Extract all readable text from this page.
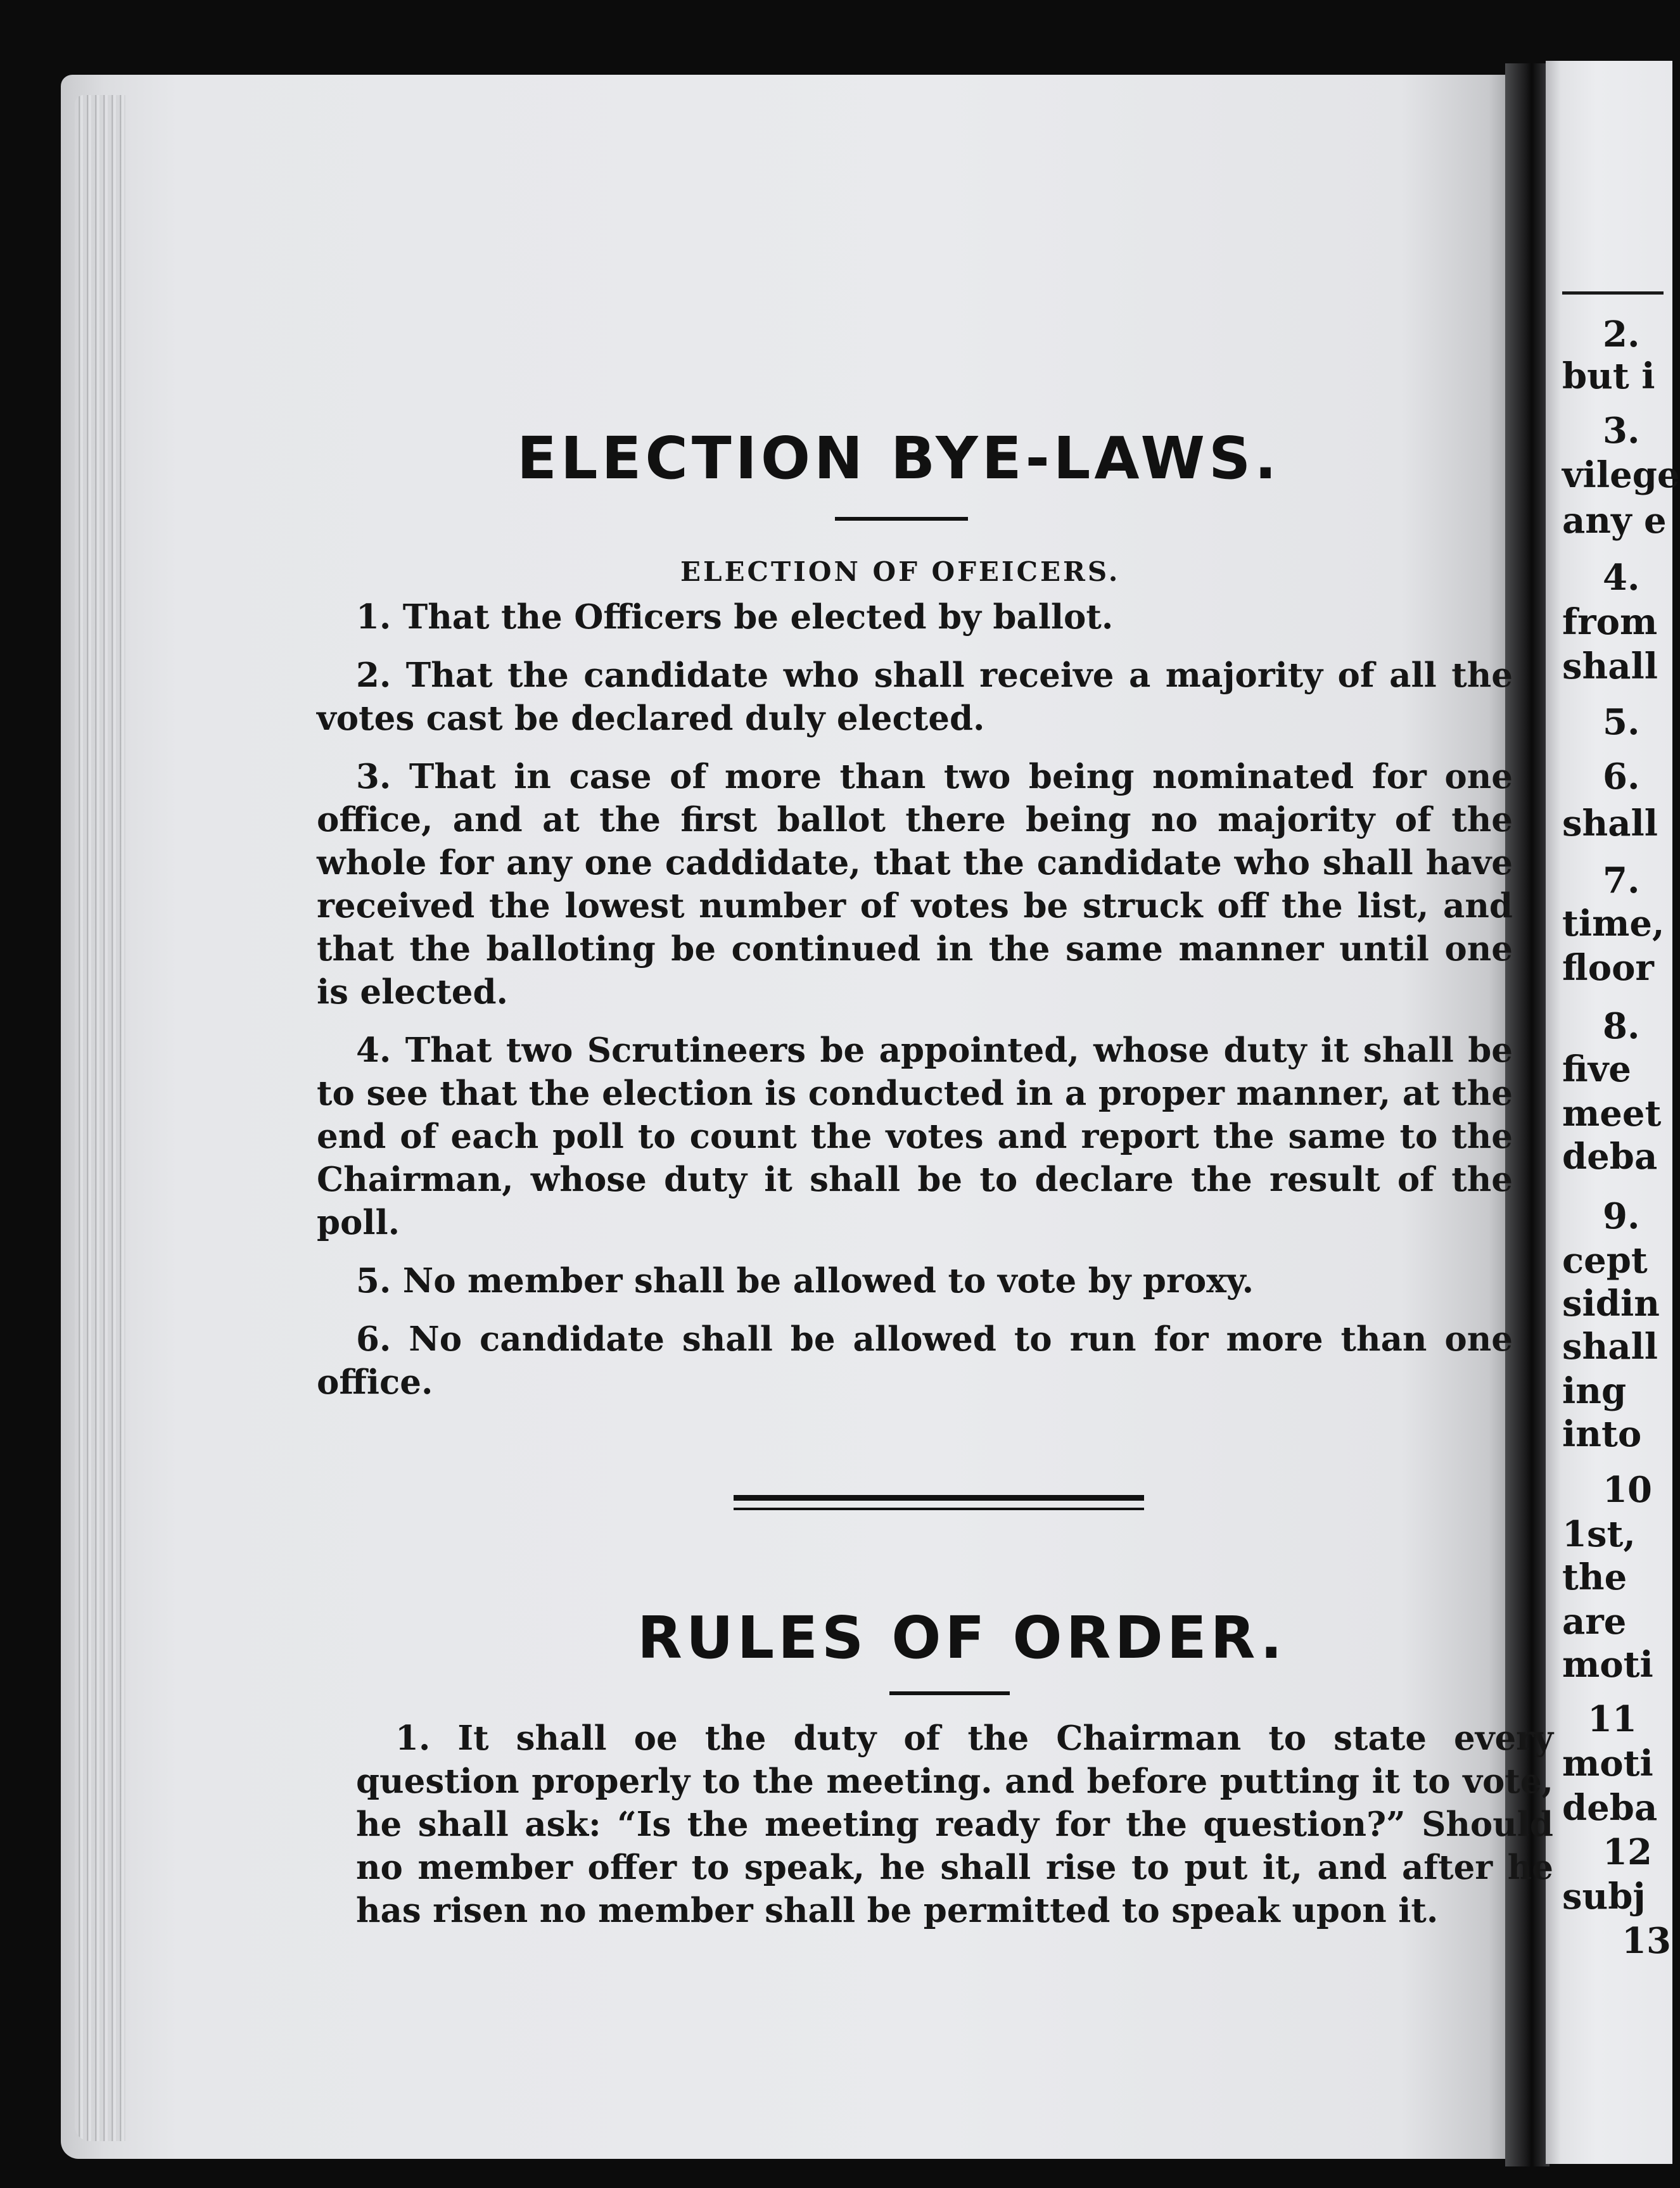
ELECTION BYE-LAWS.
ELECTION OF OFEICERS.

1. That the Officers be elected by ballot.

2. That the candidate who shall receive a majority of all the votes cast be declared duly elected.

3. That in case of more than two being nominated for one office, and at the first ballot there being no majority of the whole for any one caddidate, that the candidate who shall have received the lowest number of votes be struck off the list, and that the balloting be continued in the same manner until one is elected.

4. That two Scrutineers be appointed, whose duty it shall be to see that the election is conducted in a proper manner, at the end of each poll to count the votes and report the same to the Chairman, whose duty it shall be to declare the result of the poll.

5. No member shall be allowed to vote by proxy.

6. No candidate shall be allowed to run for more than one office.

RULES OF ORDER.

1. It shall oe the duty of the Chairman to state every question properly to the meeting. and before putting it to vote, he shall ask: “Is the meeting ready for the question?” Should no member offer to speak, he shall rise to put it, and after he has risen no member shall be permitted to speak upon it.

2.
but i
3.
vilege
any e
4.
from
shall
5.
6.
shall
7.
time,
floor
8.
five
meet
deba
9.
cept
sidin
shall
ing
into
10
1st,
the
are
moti
11
moti
deba
12
subj
13
